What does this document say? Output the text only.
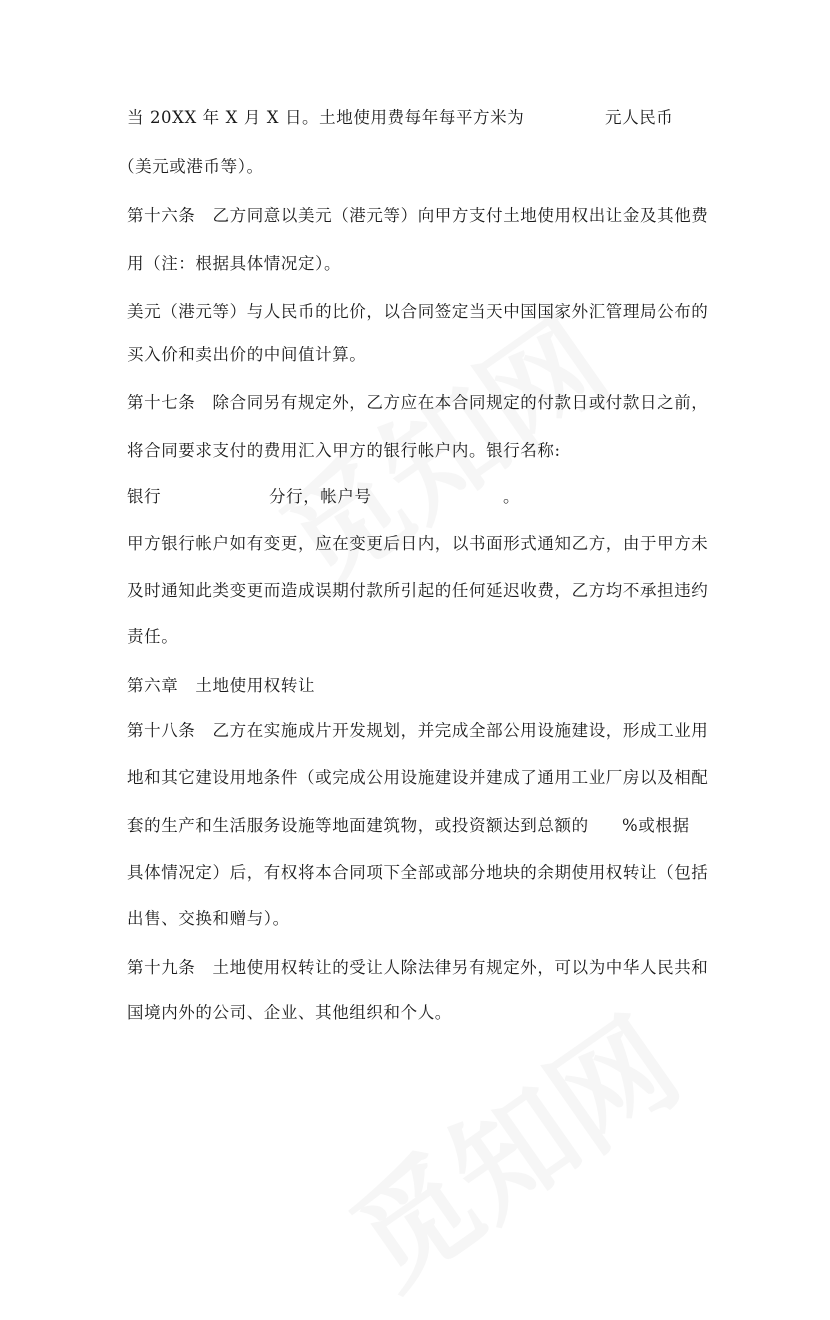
当 20XX 年 X 月 X 日。土地使用费每年每平方米为	元人民币
（美元或港币等）。
第十六条　乙方同意以美元（港元等）向甲方支付土地使用权出让金及其他费
用（注：根据具体情况定）。
美元（港元等）与人民币的比价，以合同签定当天中国国家外汇管理局公布的
买入价和卖出价的中间值计算。
第十七条　除合同另有规定外，乙方应在本合同规定的付款日或付款日之前，
将合同要求支付的费用汇入甲方的银行帐户内。银行名称:
银行	分行，帐户号	。
甲方银行帐户如有变更，应在变更后日内，以书面形式通知乙方，由于甲方未
及时通知此类变更而造成误期付款所引起的任何延迟收费，乙方均不承担违约
责任。
第六章　土地使用权转让
第十八条　乙方在实施成片开发规划，并完成全部公用设施建设，形成工业用
地和其它建设用地条件（或完成公用设施建设并建成了通用工业厂房以及相配
套的生产和生活服务设施等地面建筑物，或投资额达到总额的 %或根据
具体情况定）后，有权将本合同项下全部或部分地块的余期使用权转让（包括
出售、交换和赠与）。
第十九条　土地使用权转让的受让人除法律另有规定外，可以为中华人民共和
国境内外的公司、企业、其他组织和个人。
